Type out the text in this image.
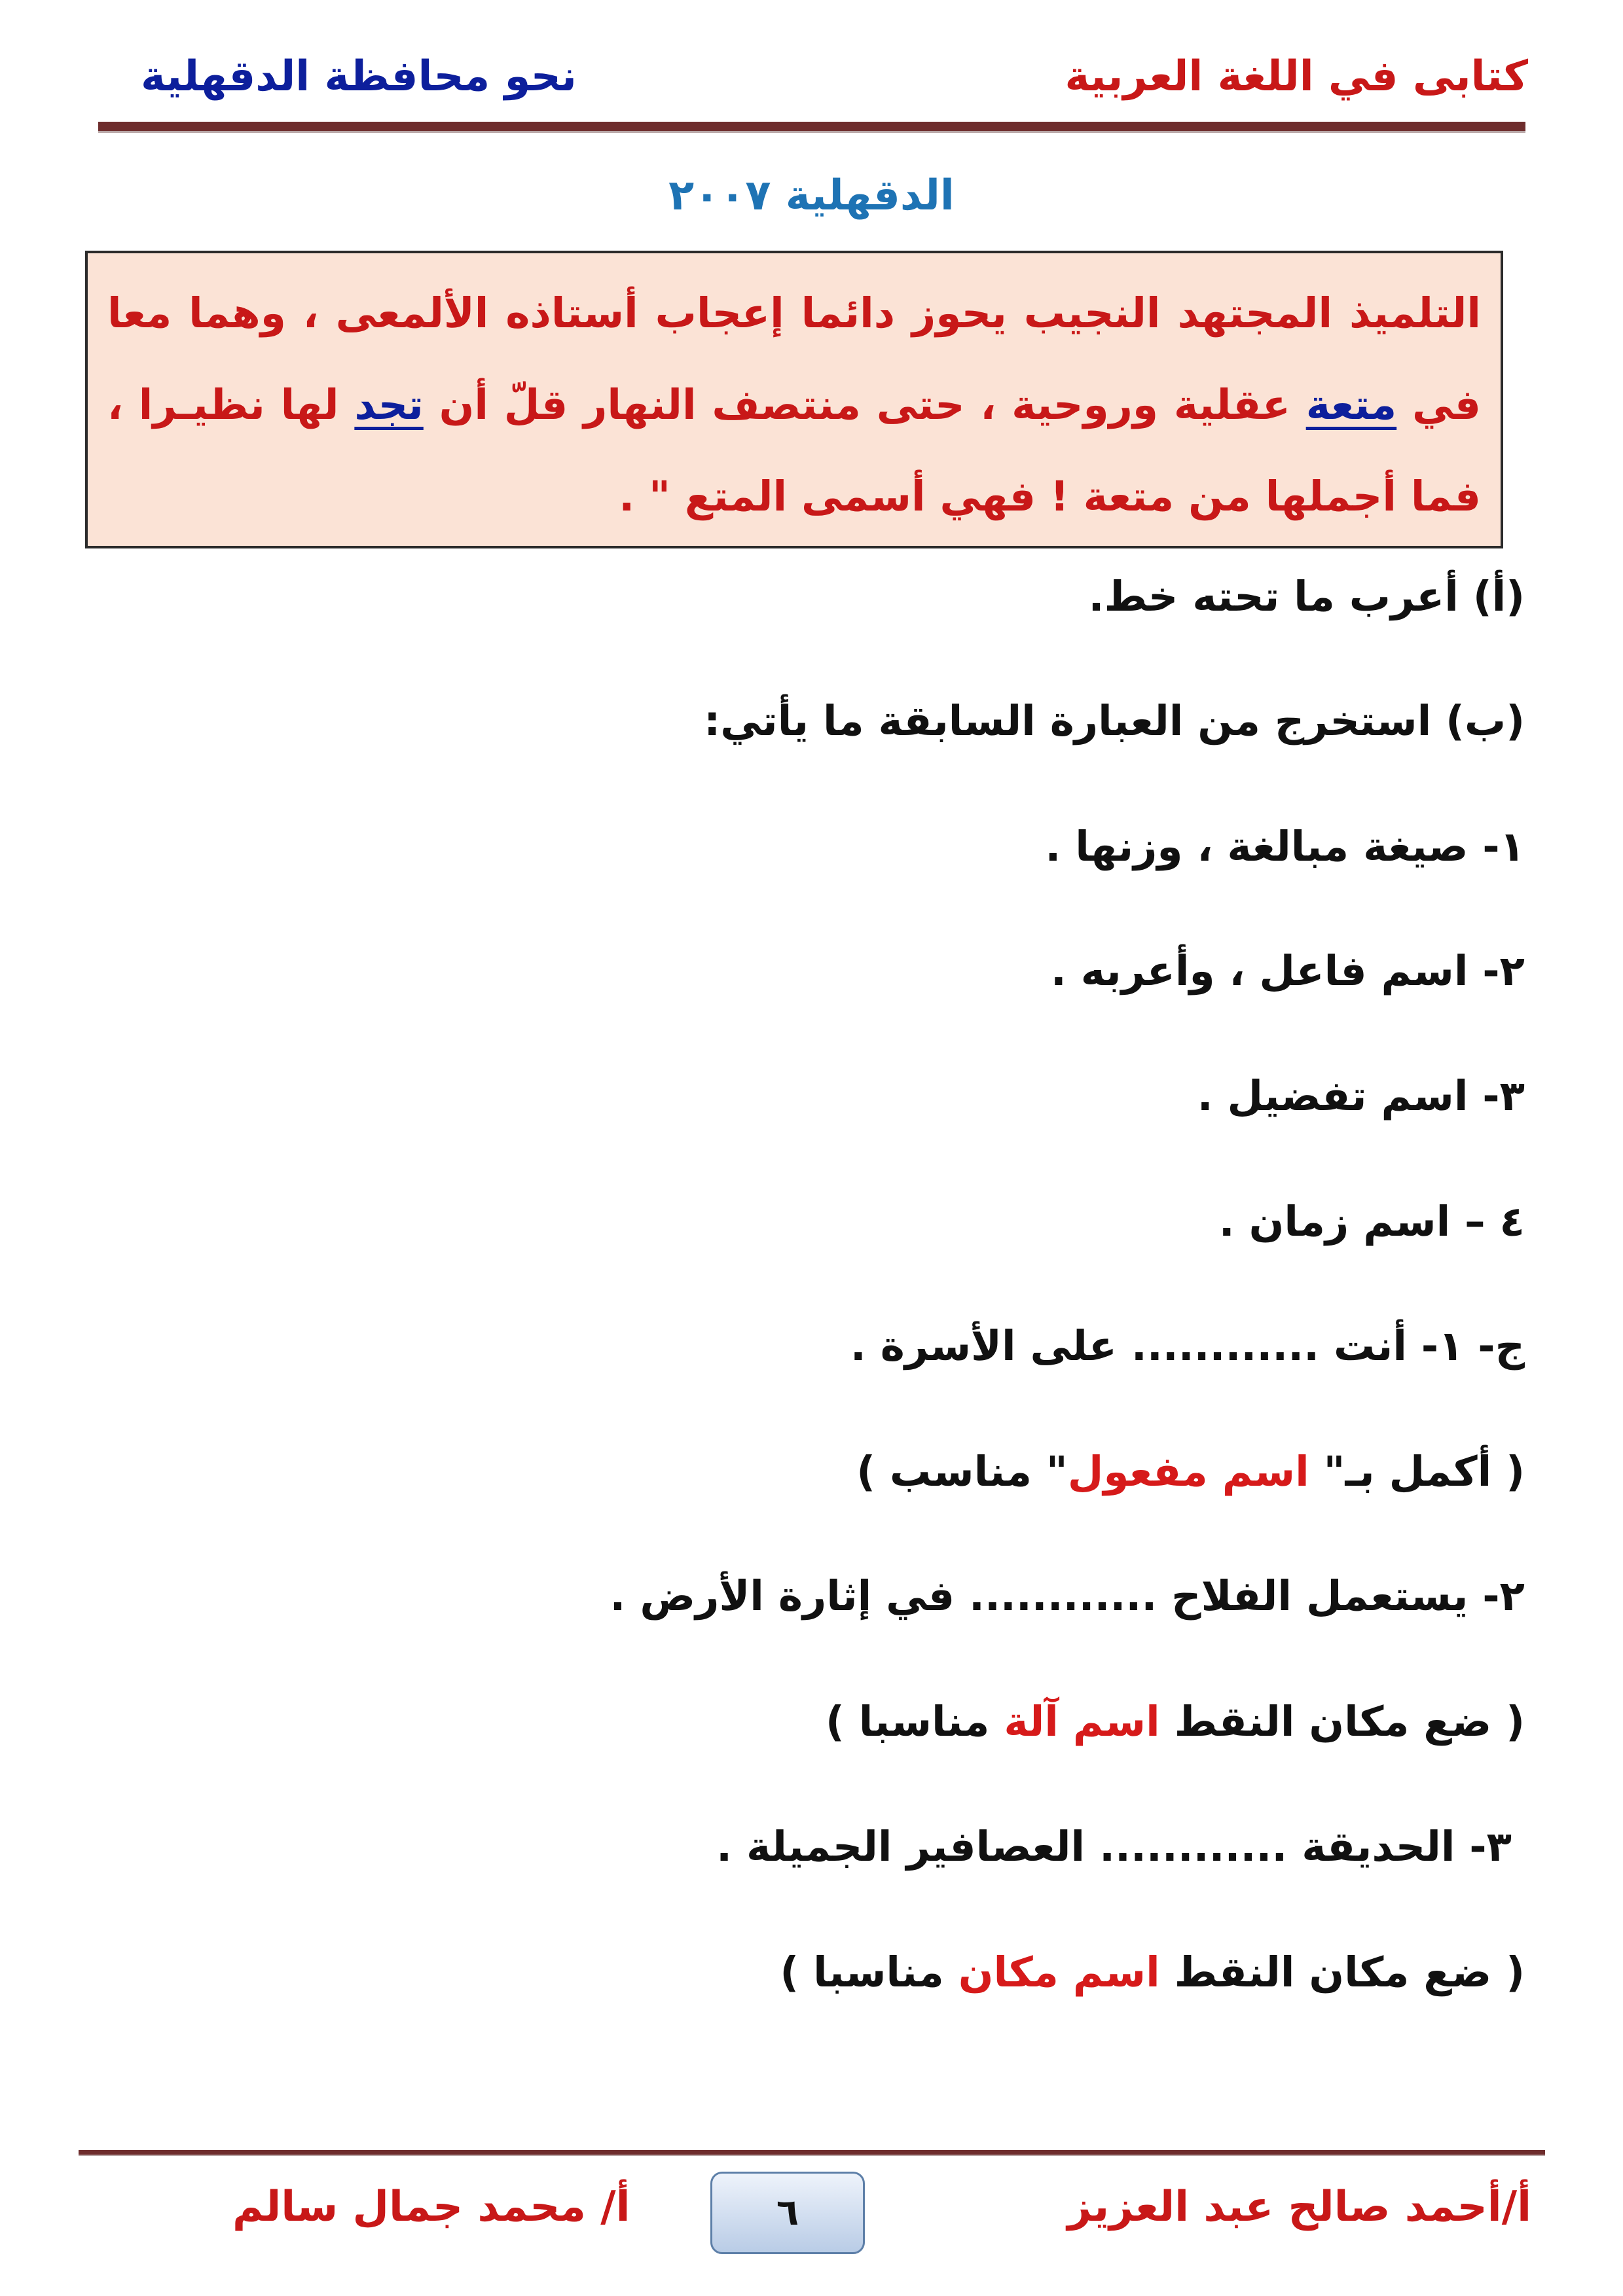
كتابى في اللغة العربية
نحو محافظة الدقهلية
الدقهلية ٢٠٠٧
التلميذ المجتهد النجيب يحوز دائما إعجاب أستاذه الألمعى ، وهما معا
في متعة عقلية وروحية ، حتى منتصف النهار قلّ أن تجد لها نظيـرا ،
فما أجملها من متعة ! فهي أسمى المتع " .
(أ) أعرب ما تحته خط.
(ب) استخرج من العبارة السابقة ما يأتي:
١- صيغة مبالغة ، وزنها .
٢- اسم فاعل ، وأعربه .
٣- اسم تفضيل .
٤ – اسم زمان .
ج- ١- أنت ............ على الأسرة .
( أكمل بـ" اسم مفعول" مناسب )
٢- يستعمل الفلاح ............ في إثارة الأرض .
( ضع مكان النقط اسم آلة مناسبا )
٣- الحديقة ............ العصافير الجميلة .
( ضع مكان النقط اسم مكان مناسبا )
أ/أحمد صالح عبد العزيز
٦
أ/ محمد جمال سالم
